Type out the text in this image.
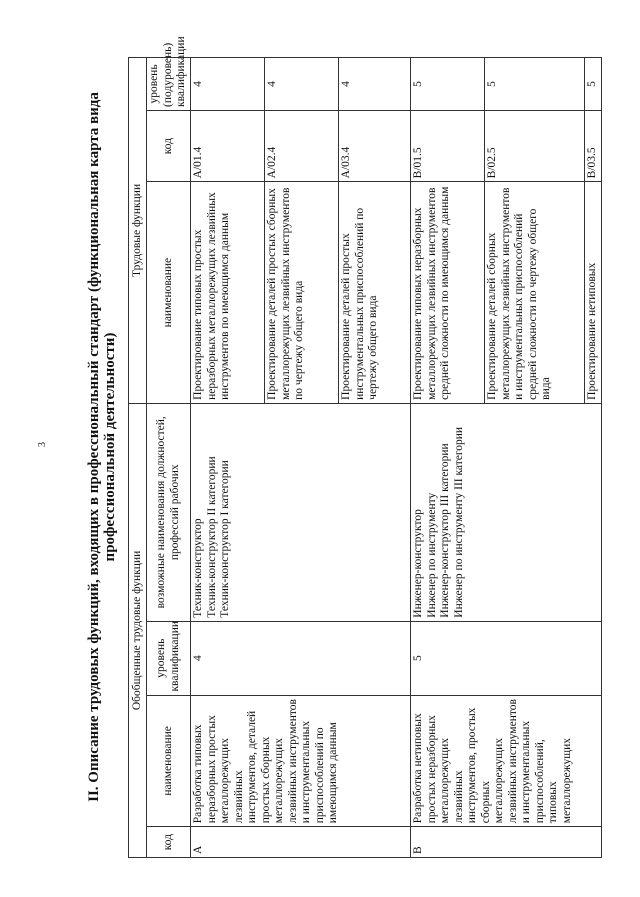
3	II. Описание трудовых функций, входящих в профессиональный стандарт (функциональная карта вида профессиональной деятельности)
Обобщенные трудовые функции				Трудовые функции		
код	наименование	уровень квалификации	возможные наименования должностей, профессий рабочих	наименование	код	уровень (подуровень) квалификации
A	Разработка типовых неразборных простых металлорежущих лезвийных инструментов, деталей простых сборных металлорежущих лезвийных инструментов и инструментальных приспособлений по имеющимся данным	4	Техник-конструктор Техник-конструктор II категории Техник-конструктор I категории	Проектирование типовых простых неразборных металлорежущих лезвийных инструментов по имеющимся данным	A/01.4	4
				Проектирование деталей простых сборных металлорежущих лезвийных инструментов по чертежу общего вида	A/02.4	4
				Проектирование деталей простых инструментальных приспособлений по чертежу общего вида	A/03.4	4
B	Разработка нетиповых простых неразборных металлорежущих лезвийных инструментов, простых сборных металлорежущих лезвийных инструментов и инструментальных приспособлений, типовых металлорежущих	5	Инженер-конструктор Инженер по инструменту Инженер-конструктор III категории Инженер по инструменту III категории	Проектирование типовых неразборных металлорежущих лезвийных инструментов средней сложности по имеющимся данным	B/01.5	5
				Проектирование деталей сборных металлорежущих лезвийных инструментов и инструментальных приспособлений средней сложности по чертежу общего вида	B/02.5	5
				Проектирование нетиповых	B/03.5	5
